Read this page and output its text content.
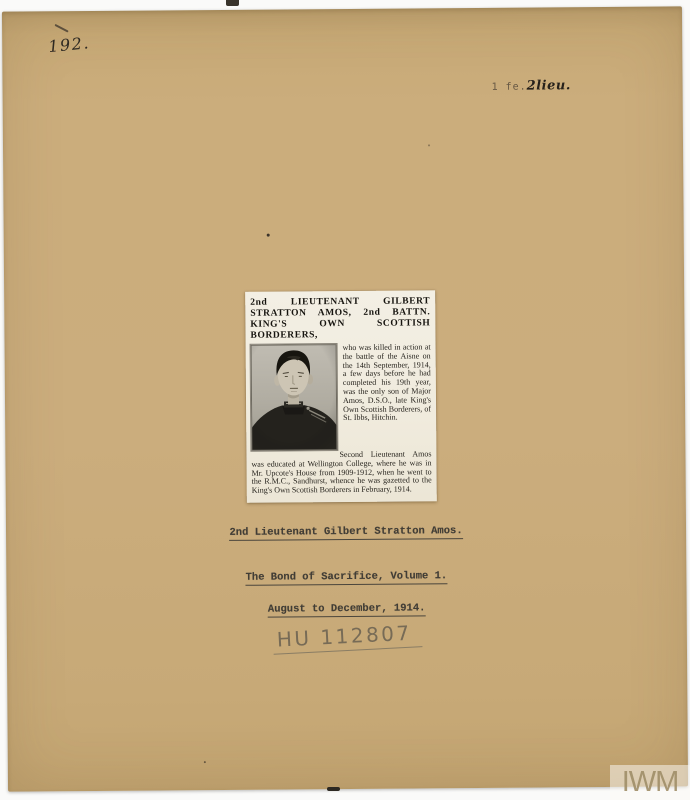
192.
1 fe.2lieu.
2nd LIEUTENANT GILBERT
STRATTON AMOS, 2nd BATTN.
KING'S OWN SCOTTISH BORDERERS,

who was killed in action at the battle of the Aisne on the 14th September, 1914, a few days before he had completed his 19th year, was the only son of Major Amos, D.S.O., late King's Own Scottish Borderers, of St. Ibbs, Hitchin.

Second Lieutenant Amos was educated at Wellington College, where he was in Mr. Upcote's House from 1909-1912, when he went to the R.M.C., Sandhurst, whence he was gazetted to the King's Own Scottish Borderers in February, 1914.

2nd Lieutenant Gilbert Stratton Amos.
The Bond of Sacrifice, Volume 1.
August to December, 1914.
HU 112807
IWM
